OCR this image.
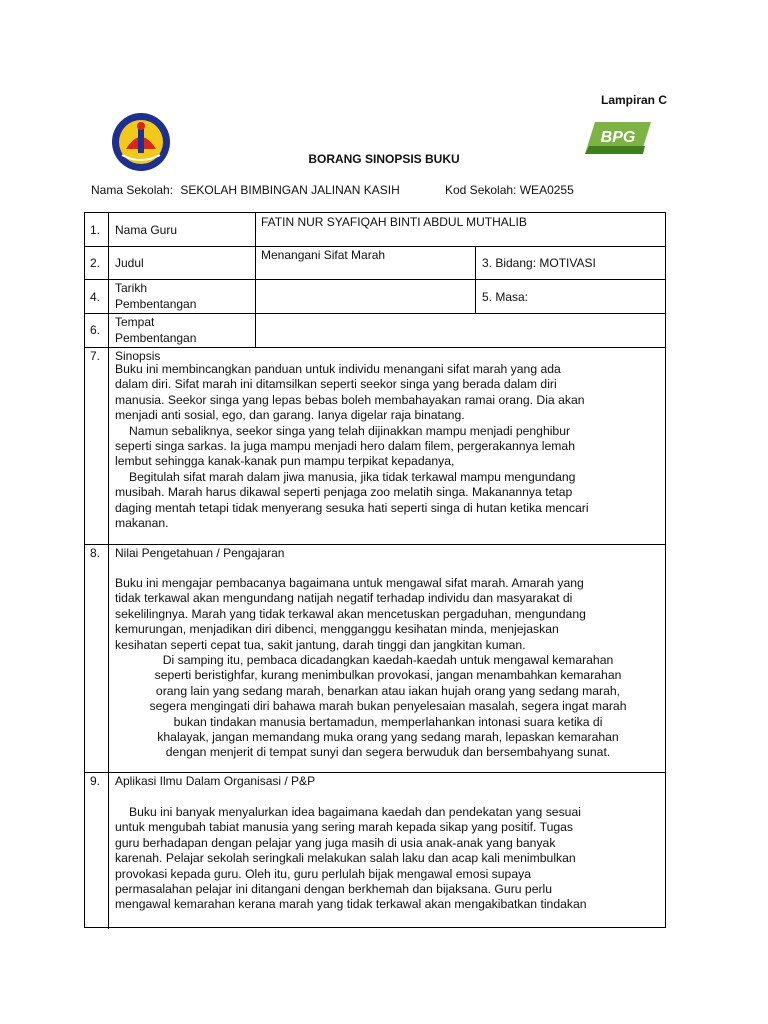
Lampiran C
BPG
BORANG SINOPSIS BUKU
Nama Sekolah: SEKOLAH BIMBINGAN JALINAN KASIH	Kod Sekolah: WEA0255
1. Nama Guru
FATIN NUR SYAFIQAH BINTI ABDUL MUTHALIB
2. Judul
Menangani Sifat Marah
3. Bidang: MOTIVASI
4.
Tarikh
Pembentangan	5. Masa:
6.
Tempat
Pembentangan
7. Sinopsis

Buku ini membincangkan panduan untuk individu menangani sifat marah yang ada

dalam diri. Sifat marah ini ditamsilkan seperti seekor singa yang berada dalam diri

manusia. Seekor singa yang lepas bebas boleh membahayakan ramai orang. Dia akan

menjadi anti sosial, ego, dan garang. Ianya digelar raja binatang.

Namun sebaliknya, seekor singa yang telah dijinakkan mampu menjadi penghibur

seperti singa sarkas. Ia juga mampu menjadi hero dalam filem, pergerakannya lemah

lembut sehingga kanak-kanak pun mampu terpikat kepadanya,

Begitulah sifat marah dalam jiwa manusia, jika tidak terkawal mampu mengundang

musibah. Marah harus dikawal seperti penjaga zoo melatih singa. Makanannya tetap

daging mentah tetapi tidak menyerang sesuka hati seperti singa di hutan ketika mencari

makanan.

8. Nilai Pengetahuan / Pengajaran

Buku ini mengajar pembacanya bagaimana untuk mengawal sifat marah. Amarah yang

tidak terkawal akan mengundang natijah negatif terhadap individu dan masyarakat di

sekelilingnya. Marah yang tidak terkawal akan mencetuskan pergaduhan, mengundang

kemurungan, menjadikan diri dibenci, mengganggu kesihatan minda, menjejaskan

kesihatan seperti cepat tua, sakit jantung, darah tinggi dan jangkitan kuman.

Di samping itu, pembaca dicadangkan kaedah-kaedah untuk mengawal kemarahan

seperti beristighfar, kurang menimbulkan provokasi, jangan menambahkan kemarahan

orang lain yang sedang marah, benarkan atau iakan hujah orang yang sedang marah,

segera mengingati diri bahawa marah bukan penyelesaian masalah, segera ingat marah

bukan tindakan manusia bertamadun, memperlahankan intonasi suara ketika di

khalayak, jangan memandang muka orang yang sedang marah, lepaskan kemarahan

dengan menjerit di tempat sunyi dan segera berwuduk dan bersembahyang sunat.

9. Aplikasi Ilmu Dalam Organisasi / P&P

Buku ini banyak menyalurkan idea bagaimana kaedah dan pendekatan yang sesuai

untuk mengubah tabiat manusia yang sering marah kepada sikap yang positif. Tugas

guru berhadapan dengan pelajar yang juga masih di usia anak-anak yang banyak

karenah. Pelajar sekolah seringkali melakukan salah laku dan acap kali menimbulkan

provokasi kepada guru. Oleh itu, guru perlulah bijak mengawal emosi supaya

permasalahan pelajar ini ditangani dengan berkhemah dan bijaksana. Guru perlu

mengawal kemarahan kerana marah yang tidak terkawal akan mengakibatkan tindakan
